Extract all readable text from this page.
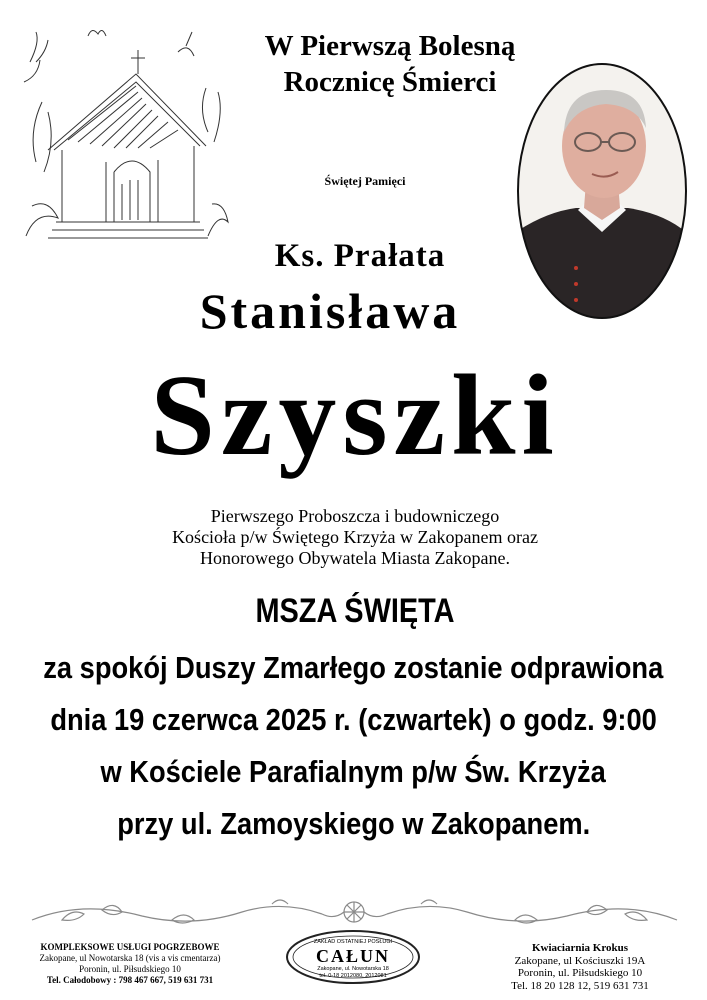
W Pierwszą Bolesną
Rocznicę Śmierci
Świętej Pamięci
Ks. Prałata
Stanisława
Szyszki
Pierwszego Proboszcza i budowniczego
Kościoła p/w Świętego Krzyża w Zakopanem oraz
Honorowego Obywatela Miasta Zakopane.
MSZA ŚWIĘTA
za spokój Duszy Zmarłego zostanie odprawiona
dnia 19 czerwca 2025 r. (czwartek) o godz. 9:00
w Kościele Parafialnym p/w Św. Krzyża
przy ul. Zamoyskiego w Zakopanem.
KOMPLEKSOWE USŁUGI POGRZEBOWE
Zakopane, ul Nowotarska 18 (vis a vis cmentarza)
Poronin, ul. Piłsudskiego 10
Tel. Całodobowy : 798 467 667, 519 631 731
ZAKŁAD OSTATNIEJ POSŁUGI
CAŁUN
Zakopane, ul. Nowotarska 18
tel. 0-18 2012080, 2012081
Kwiaciarnia Krokus
Zakopane, ul Kościuszki 19A
Poronin, ul. Piłsudskiego 10
Tel. 18 20 128 12, 519 631 731
